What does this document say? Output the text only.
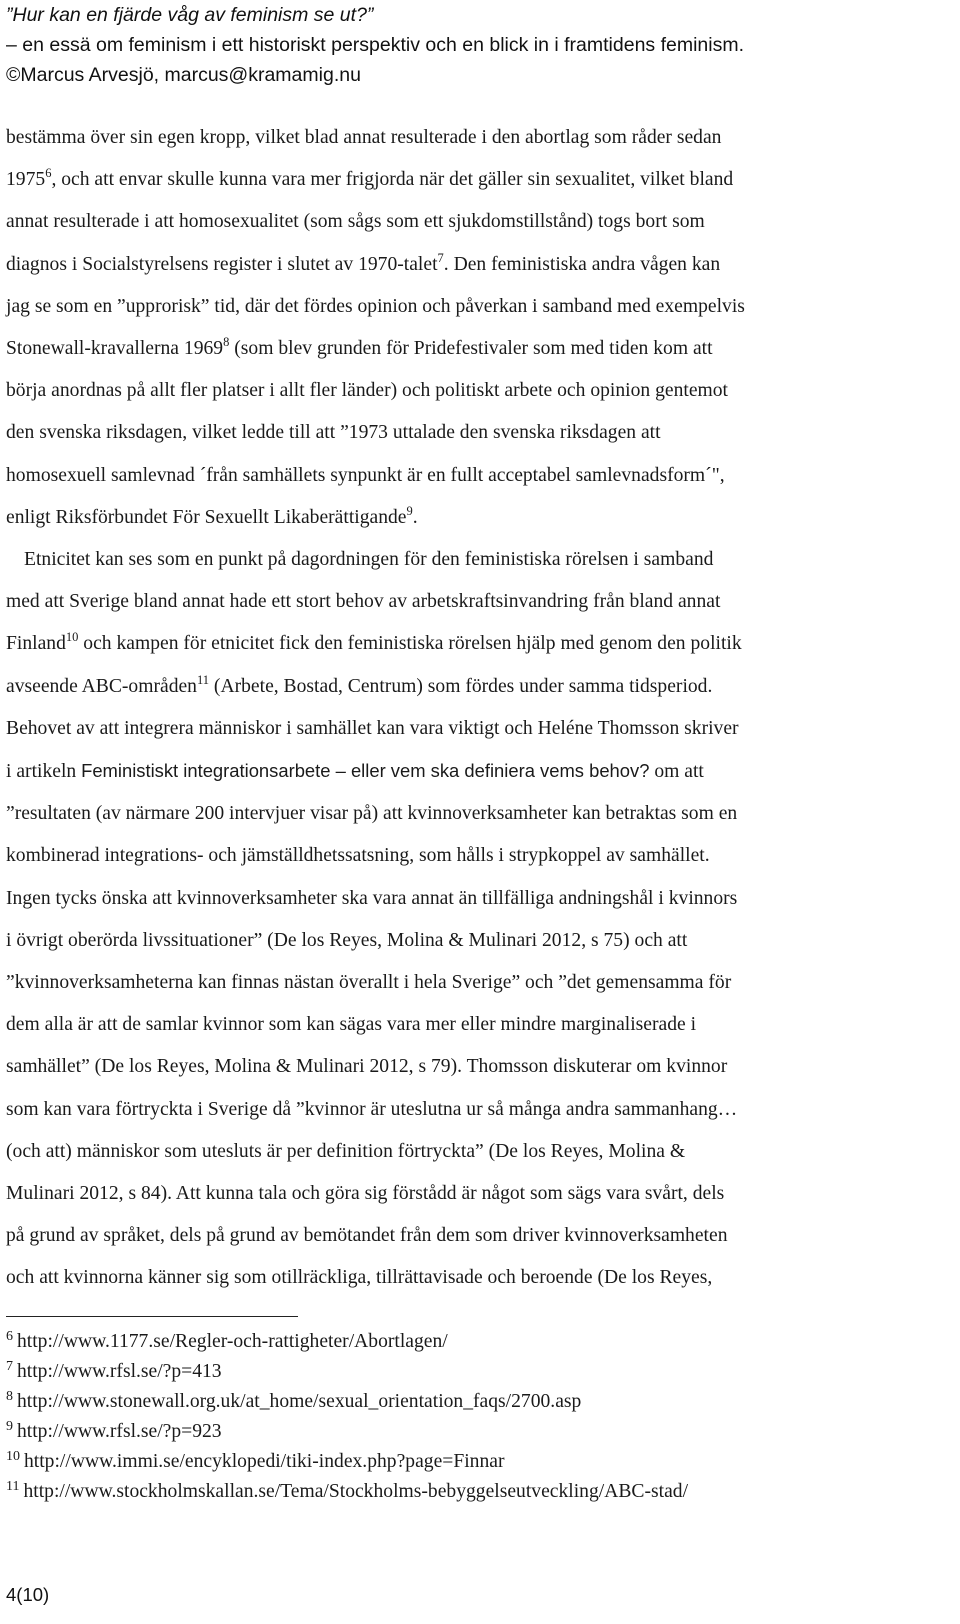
”Hur kan en fjärde våg av feminism se ut?”
– en essä om feminism i ett historiskt perspektiv och en blick in i framtidens feminism.
©Marcus Arvesjö, marcus@kramamig.nu
bestämma över sin egen kropp, vilket blad annat resulterade i den abortlag som råder sedan
1975$^6$, och att envar skulle kunna vara mer frigjorda när det gäller sin sexualitet, vilket bland
annat resulterade i att homosexualitet (som sågs som ett sjukdomstillstånd) togs bort som
diagnos i Socialstyrelsens register i slutet av 1970-talet$^7$. Den feministiska andra vågen kan
jag se som en ”upprorisk” tid, där det fördes opinion och påverkan i samband med exempelvis
Stonewall-kravallerna 1969$^8$ (som blev grunden för Pridefestivaler som med tiden kom att
börja anordnas på allt fler platser i allt fler länder) och politiskt arbete och opinion gentemot
den svenska riksdagen, vilket ledde till att ”1973 uttalade den svenska riksdagen att
homosexuell samlevnad ´från samhällets synpunkt är en fullt acceptabel samlevnadsform´",
enligt Riksförbundet För Sexuellt Likaberättigande$^9$.
Etnicitet kan ses som en punkt på dagordningen för den feministiska rörelsen i samband
med att Sverige bland annat hade ett stort behov av arbetskraftsinvandring från bland annat
Finland$^{10}$ och kampen för etnicitet fick den feministiska rörelsen hjälp med genom den politik
avseende ABC-områden$^{11}$ (Arbete, Bostad, Centrum) som fördes under samma tidsperiod.
Behovet av att integrera människor i samhället kan vara viktigt och Heléne Thomsson skriver
i artikeln Feministiskt integrationsarbete – eller vem ska definiera vems behov? om att
”resultaten (av närmare 200 intervjuer visar på) att kvinnoverksamheter kan betraktas som en
kombinerad integrations- och jämställdhetssatsning, som hålls i strypkoppel av samhället.
Ingen tycks önska att kvinnoverksamheter ska vara annat än tillfälliga andningshål i kvinnors
i övrigt oberörda livssituationer” (De los Reyes, Molina & Mulinari 2012, s 75) och att
”kvinnoverksamheterna kan finnas nästan överallt i hela Sverige” och ”det gemensamma för
dem alla är att de samlar kvinnor som kan sägas vara mer eller mindre marginaliserade i
samhället” (De los Reyes, Molina & Mulinari 2012, s 79). Thomsson diskuterar om kvinnor
som kan vara förtryckta i Sverige då ”kvinnor är uteslutna ur så många andra sammanhang…
(och att) människor som utesluts är per definition förtryckta” (De los Reyes, Molina &
Mulinari 2012, s 84). Att kunna tala och göra sig förstådd är något som sägs vara svårt, dels
på grund av språket, dels på grund av bemötandet från dem som driver kvinnoverksamheten
och att kvinnorna känner sig som otillräckliga, tillrättavisade och beroende (De los Reyes,
$^6$ http://www.1177.se/Regler-och-rattigheter/Abortlagen/
$^7$ http://www.rfsl.se/?p=413
$^8$ http://www.stonewall.org.uk/at_home/sexual_orientation_faqs/2700.asp
$^9$ http://www.rfsl.se/?p=923
$^{10}$ http://www.immi.se/encyklopedi/tiki-index.php?page=Finnar
$^{11}$ http://www.stockholmskallan.se/Tema/Stockholms-bebyggelseutveckling/ABC-stad/
4(10)
